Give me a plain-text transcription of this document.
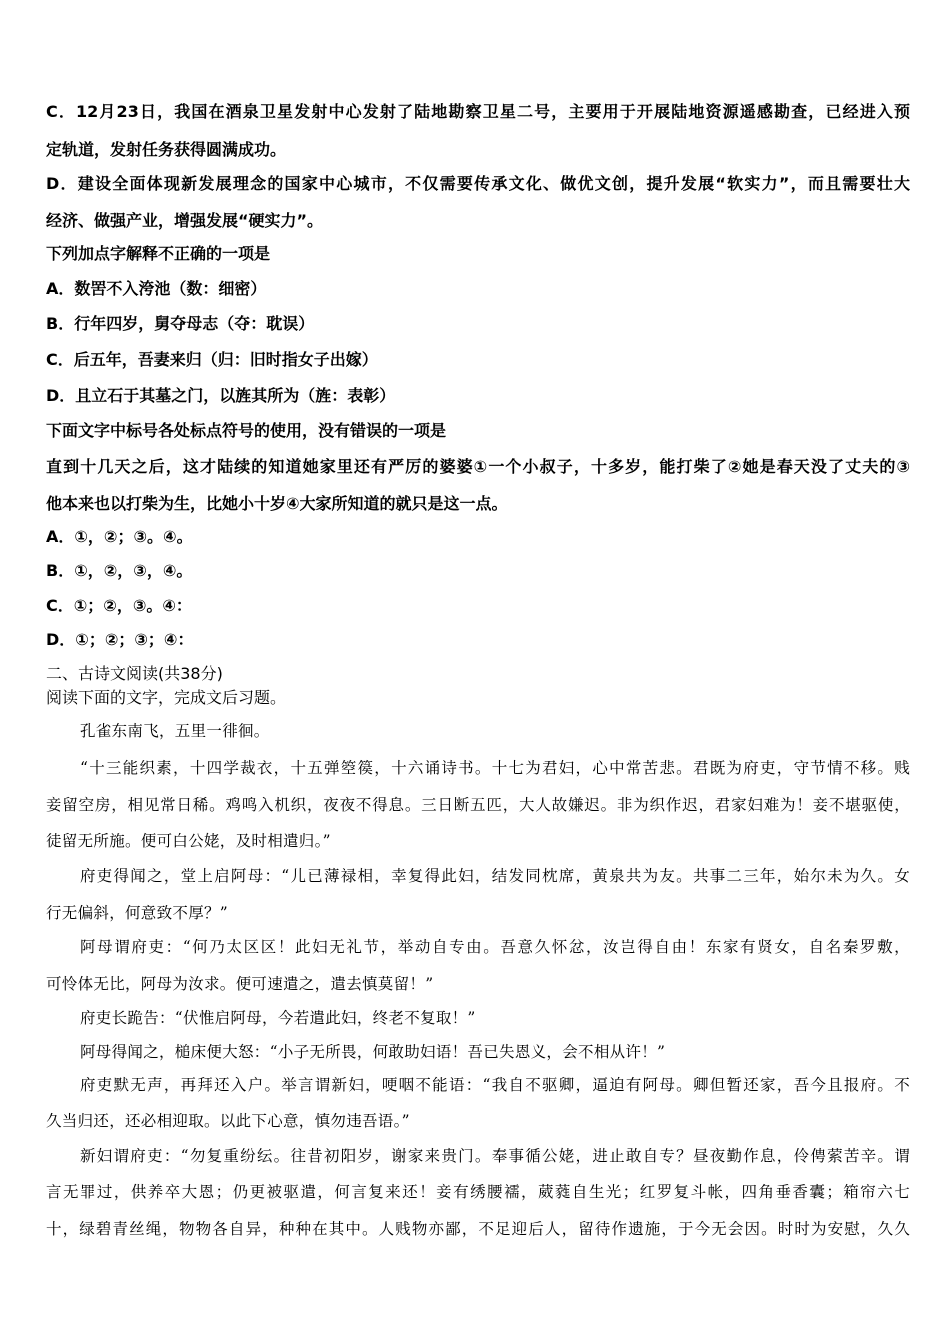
C．12月23日，我国在酒泉卫星发射中心发射了陆地勘察卫星二号，主要用于开展陆地资源遥感勘查，已经进入预
定轨道，发射任务获得圆满成功。
D．建设全面体现新发展理念的国家中心城市，不仅需要传承文化、做优文创，提升发展“软实力”，而且需要壮大
经济、做强产业，增强发展“硬实力”。
下列加点字解释不正确的一项是
A．数罟不入洿池（数：细密）
B．行年四岁，舅夺母志（夺：耽误）
C．后五年，吾妻来归（归：旧时指女子出嫁）
D．且立石于其墓之门，以旌其所为（旌：表彰）
下面文字中标号各处标点符号的使用，没有错误的一项是
直到十几天之后，这才陆续的知道她家里还有严厉的婆婆①一个小叔子，十多岁，能打柴了②她是春天没了丈夫的③
他本来也以打柴为生，比她小十岁④大家所知道的就只是这一点。
A．①，②；③。④。
B．①，②，③，④。
C．①；②，③。④：
D．①；②；③；④：
二、古诗文阅读(共38分)
阅读下面的文字，完成文后习题。
孔雀东南飞，五里一徘徊。
“十三能织素，十四学裁衣，十五弹箜篌，十六诵诗书。十七为君妇，心中常苦悲。君既为府吏，守节情不移。贱
妾留空房，相见常日稀。鸡鸣入机织，夜夜不得息。三日断五匹，大人故嫌迟。非为织作迟，君家妇难为！妾不堪驱使，
徒留无所施。便可白公姥，及时相遣归。”
府吏得闻之，堂上启阿母：“儿已薄禄相，幸复得此妇，结发同枕席，黄泉共为友。共事二三年，始尔未为久。女
行无偏斜，何意致不厚？”
阿母谓府吏：“何乃太区区！此妇无礼节，举动自专由。吾意久怀忿，汝岂得自由！东家有贤女，自名秦罗敷，
可怜体无比，阿母为汝求。便可速遣之，遣去慎莫留！”
府吏长跪告：“伏惟启阿母，今若遣此妇，终老不复取！”
阿母得闻之，槌床便大怒：“小子无所畏，何敢助妇语！吾已失恩义，会不相从许！”
府吏默无声，再拜还入户。举言谓新妇，哽咽不能语：“我自不驱卿，逼迫有阿母。卿但暂还家，吾今且报府。不
久当归还，还必相迎取。以此下心意，慎勿违吾语。”
新妇谓府吏：“勿复重纷纭。往昔初阳岁，谢家来贵门。奉事循公姥，进止敢自专？昼夜勤作息，伶俜萦苦辛。谓
言无罪过，供养卒大恩；仍更被驱遣，何言复来还！妾有绣腰襦，葳蕤自生光；红罗复斗帐，四角垂香囊；箱帘六七
十，绿碧青丝绳，物物各自异，种种在其中。人贱物亦鄙，不足迎后人，留待作遗施，于今无会因。时时为安慰，久久
